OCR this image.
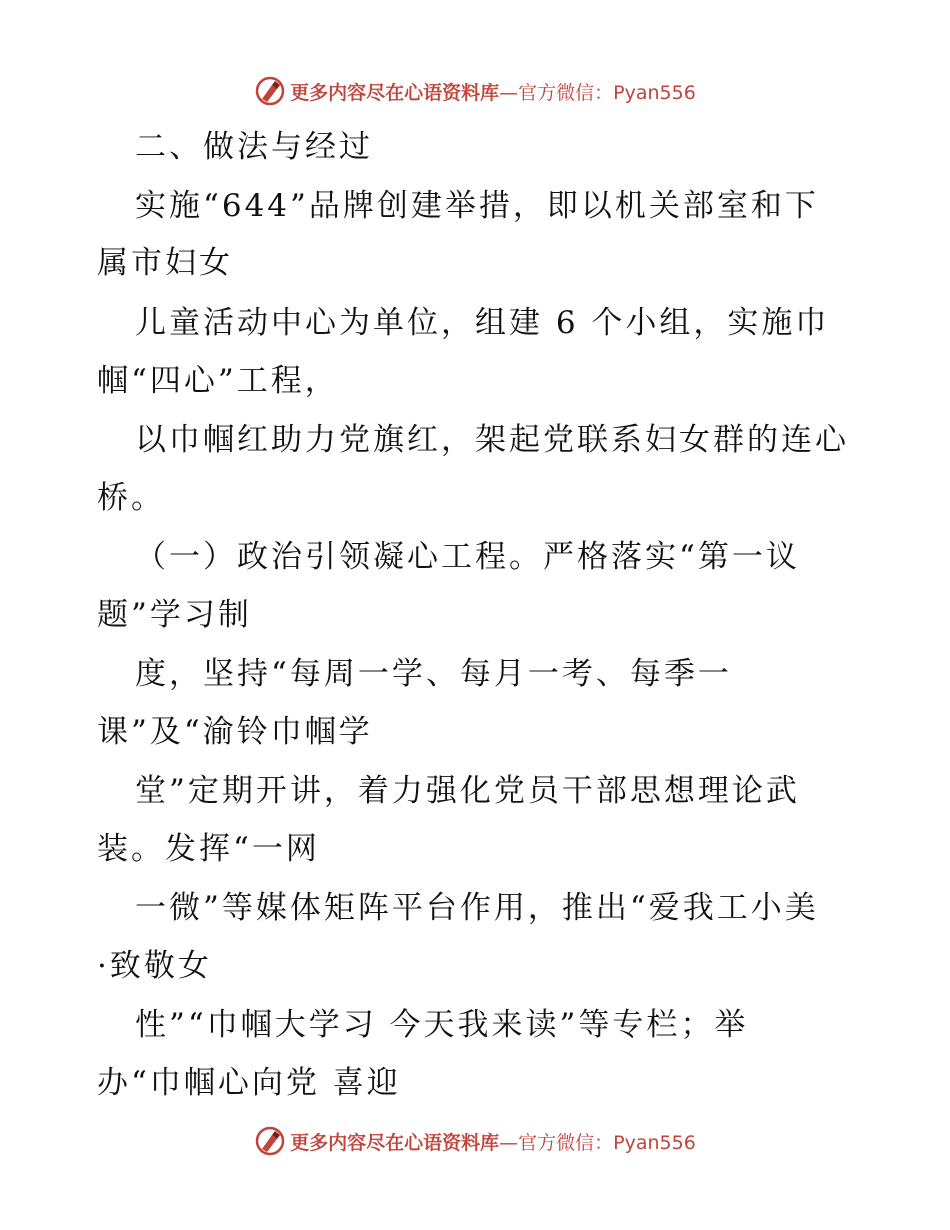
更多内容尽在心语资料库 —官方微信：Pyan556
二、做法与经过
实施“644”品牌创建举措，即以机关部室和下
属市妇女
儿童活动中心为单位，组建 6 个小组，实施巾
帼“四心”工程，
以巾帼红助力党旗红，架起党联系妇女群的连心
桥。
（一）政治引领凝心工程。严格落实“第一议
题”学习制
度，坚持“每周一学、每月一考、每季一
课”及“渝铃巾帼学
堂”定期开讲，着力强化党员干部思想理论武
装。发挥“一网
一微”等媒体矩阵平台作用，推出“爱我工小美
·致敬女
性”“巾帼大学习 今天我来读”等专栏；举
办“巾帼心向党 喜迎
更多内容尽在心语资料库 —官方微信：Pyan556
